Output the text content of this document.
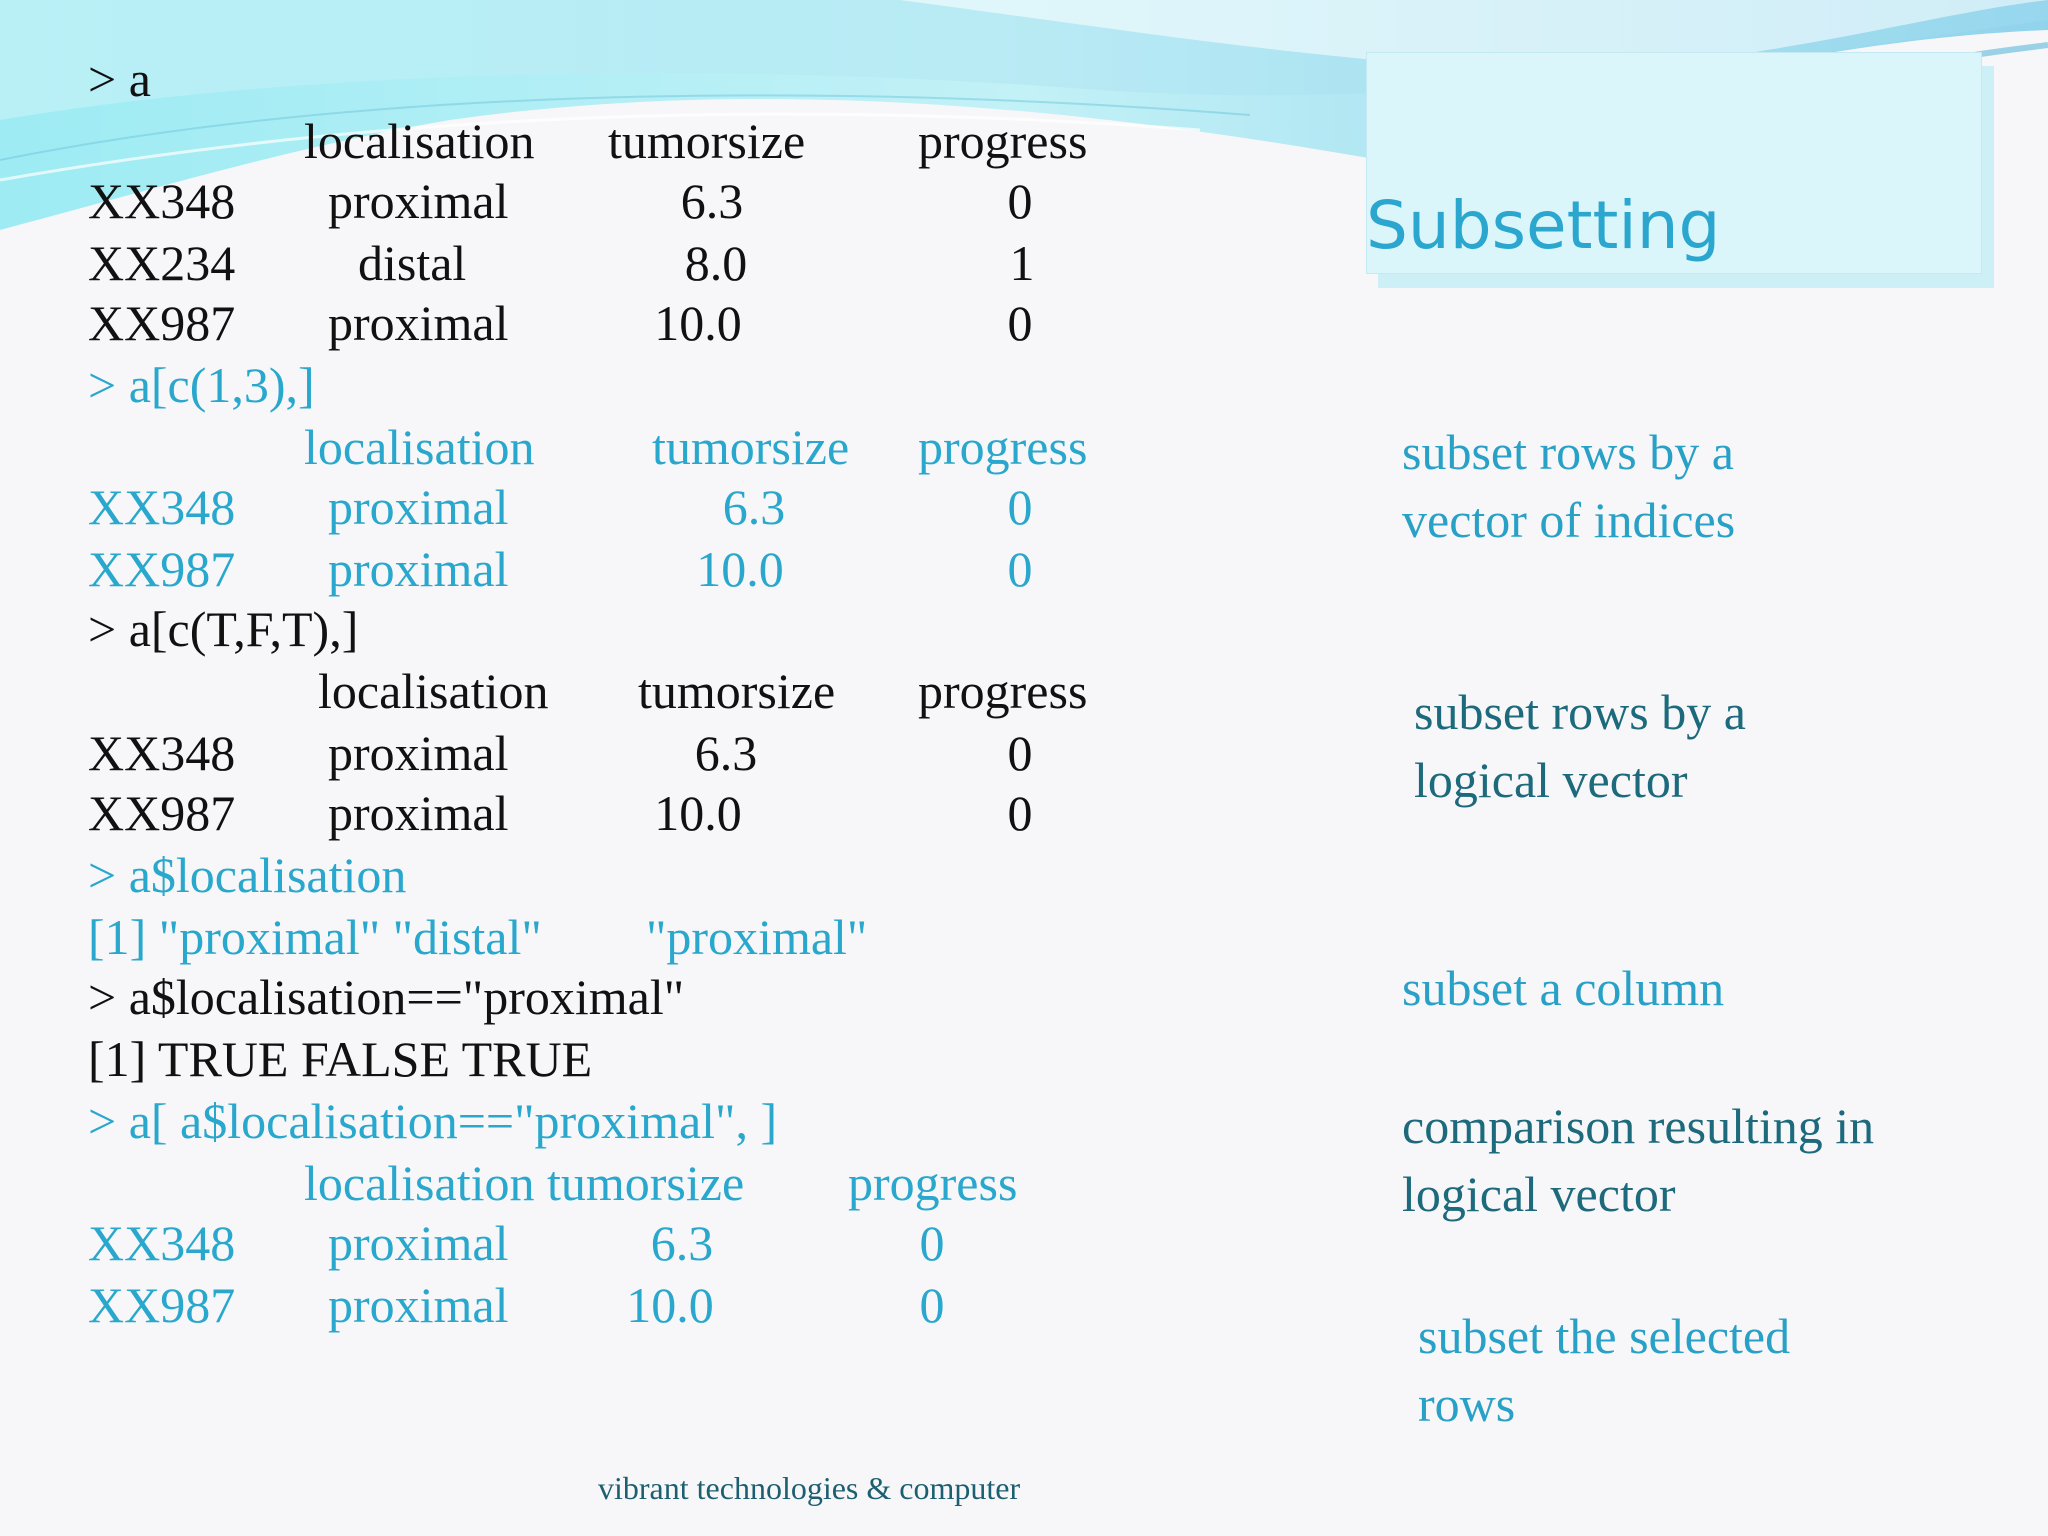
Subsetting
> a
localisation tumorsize progress
XX348 proximal	6.3	0
XX234 distal	8.0	1
XX987 proximal	10.0	0
> a[c(1,3),]
localisation tumorsize progress
XX348 proximal	6.3	0
XX987 proximal	10.0	0
> a[c(T,F,T),]
localisation tumorsize progress
XX348 proximal	6.3	0
XX987 proximal	10.0	0
> a$localisation
[1] "proximal" "distal" "proximal"
> a$localisation=="proximal"
[1] TRUE FALSE TRUE
> a[ a$localisation=="proximal", ]
localisation tumorsize progress
XX348 proximal	6.3	0
XX987 proximal 10.0	0
subset rows by a
vector of indices
subset rows by a
logical vector
subset a column
comparison resulting in
logical vector
subset the selected
rows
vibrant technologies & computer
